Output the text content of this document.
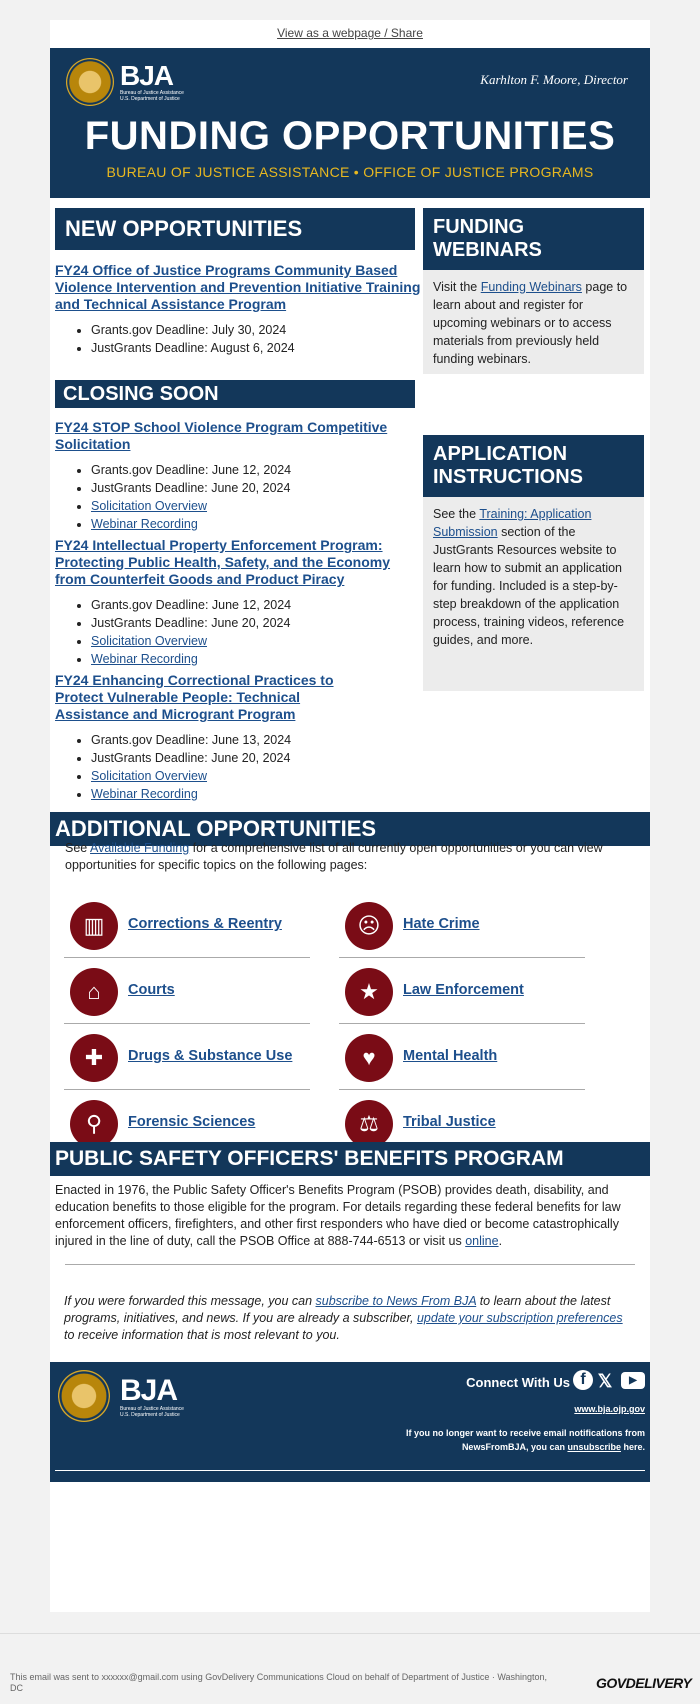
View as a webpage / Share
BJA
Bureau of Justice Assistance
U.S. Department of Justice
Karhlton F. Moore, Director
FUNDING OPPORTUNITIES
BUREAU OF JUSTICE ASSISTANCE • OFFICE OF JUSTICE PROGRAMS
NEW OPPORTUNITIES
FY24 Office of Justice Programs Community Based Violence Intervention and Prevention Initiative Training and Technical Assistance Program
• Grants.gov Deadline: July 30, 2024
• JustGrants Deadline: August 6, 2024
CLOSING SOON
FY24 STOP School Violence Program Competitive Solicitation
• Grants.gov Deadline: June 12, 2024
• JustGrants Deadline: June 20, 2024
• Solicitation Overview
• Webinar Recording
FY24 Intellectual Property Enforcement Program: Protecting Public Health, Safety, and the Economy from Counterfeit Goods and Product Piracy
• Grants.gov Deadline: June 12, 2024
• JustGrants Deadline: June 20, 2024
• Solicitation Overview
• Webinar Recording
FY24 Enhancing Correctional Practices to Protect Vulnerable People: Technical Assistance and Microgrant Program
• Grants.gov Deadline: June 13, 2024
• JustGrants Deadline: June 20, 2024
• Solicitation Overview
• Webinar Recording
FUNDING WEBINARS
Visit the Funding Webinars page to learn about and register for upcoming webinars or to access materials from previously held funding webinars.
APPLICATION INSTRUCTIONS
See the Training: Application Submission section of the JustGrants Resources website to learn how to submit an application for funding. Included is a step-by-step breakdown of the application process, training videos, reference guides, and more.
ADDITIONAL OPPORTUNITIES
See Available Funding for a comprehensive list of all currently open opportunities or you can view opportunities for specific topics on the following pages:
▥	Corrections & Reentry	☹	Hate Crime
⌂	Courts	★	Law Enforcement
✚	Drugs & Substance Use	♥	Mental Health
⚲	Forensic Sciences	⚖	Tribal Justice
PUBLIC SAFETY OFFICERS' BENEFITS PROGRAM
Enacted in 1976, the Public Safety Officer's Benefits Program (PSOB) provides death, disability, and education benefits to those eligible for the program. For details regarding these federal benefits for law enforcement officers, firefighters, and other first responders who have died or become catastrophically injured in the line of duty, call the PSOB Office at 888-744-6513 or visit us online.
If you were forwarded this message, you can subscribe to News From BJA to learn about the latest programs, initiatives, and news. If you are already a subscriber, update your subscription preferences to receive information that is most relevant to you.
BJA
Bureau of Justice Assistance
U.S. Department of Justice
Connect With Us f 𝕏	▶
www.bja.ojp.gov
If you no longer want to receive email notifications from NewsFromBJA, you can unsubscribe here.
This email was sent to xxxxxx@gmail.com using GovDelivery Communications Cloud on behalf of Department of Justice · Washington, DC	GOVDELIVERY
